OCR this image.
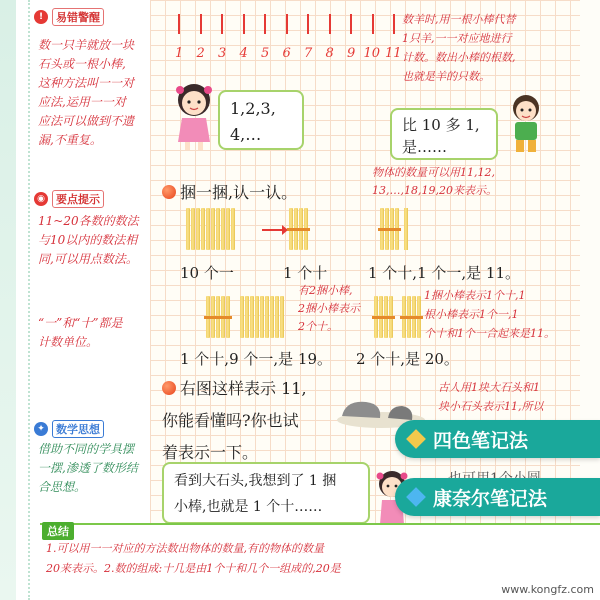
!	易错警醒
数一只羊就放一块
石头或一根小棒,
这种方法叫一一对
应法,运用一一对
应法可以做到不遗
漏,不重复。
◉	要点提示
11~20各数的数法
与10以内的数法相
同,可以用点数法。
“一”和“十”都是
计数单位。
✦	数学思想
借助不同的学具摆
一摆,渗透了数形结
合思想。
1 2 3 4 5 6 7 8 9 10 11
数羊时,用一根小棒代替
1只羊,一一对应地进行
计数。数出小棒的根数,
也就是羊的只数。
1,2,3,
4,…	比 10 多 1,
是……
物体的数量可以用11,12,
13,…,18,19,20来表示。
捆一捆,认一认。
10 个一	1 个十	1 个十,1 个一,是 11。
有2捆小棒,
2捆小棒表示
2个十。
1捆小棒表示1个十,1
根小棒表示1个一,1
个十和1个一合起来是11。
1 个十,9 个一,是 19。 2 个十,是 20。
右图这样表示 11,
你能看懂吗?你也试
着表示一下。
古人用1块大石头和1
块小石头表示11,所以
看到大石头,我想到了 1 捆
小棒,也就是 1 个十……
四色笔记法
康奈尔笔记法
总结
1.可以用一一对应的方法数出物体的数量,有的物体的数量
20来表示。2.数的组成:十几是由1个十和几个一组成的,20是
www.kongfz.com
